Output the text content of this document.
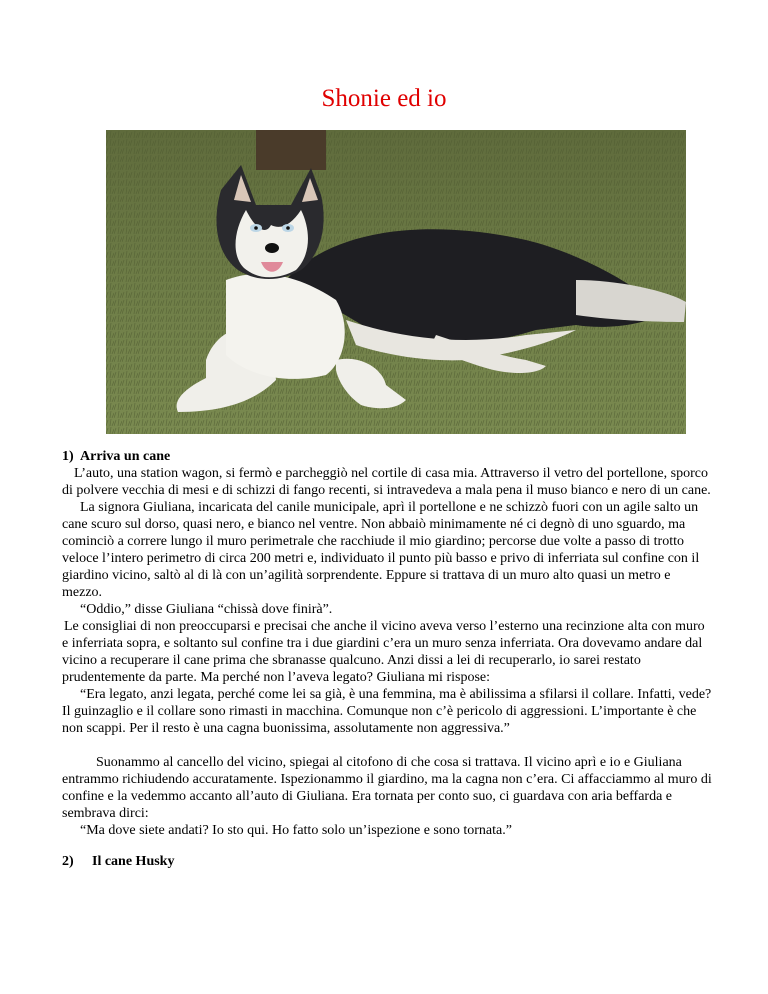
Shonie ed io
1) Arriva un cane

L’auto, una station wagon, si fermò e parcheggiò nel cortile di casa mia. Attraverso il vetro del portellone, sporco di polvere vecchia di mesi e di schizzi di fango recenti, si intravedeva a mala pena il muso bianco e nero di un cane.

La signora Giuliana, incaricata del canile municipale, aprì il portellone e ne schizzò fuori con un agile salto un cane scuro sul dorso, quasi nero, e bianco nel ventre. Non abbaiò minimamente né ci degnò di uno sguardo, ma cominciò a correre lungo il muro perimetrale che racchiude il mio giardino; percorse due volte a passo di trotto veloce l’intero perimetro di circa 200 metri e, individuato il punto più basso e privo di inferriata sul confine con il giardino vicino, saltò al di là con un’agilità sorprendente. Eppure si trattava di un muro alto quasi un metro e mezzo.

“Oddio,” disse Giuliana “chissà dove finirà”.

Le consigliai di non preoccuparsi e precisai che anche il vicino aveva verso l’esterno una recinzione alta con muro e inferriata sopra, e soltanto sul confine tra i due giardini c’era un muro senza inferriata. Ora dovevamo andare dal vicino a recuperare il cane prima che sbranasse qualcuno. Anzi dissi a lei di recuperarlo, io sarei restato prudentemente da parte. Ma perché non l’aveva legato? Giuliana mi rispose:

“Era legato, anzi legata, perché come lei sa già, è una femmina, ma è abilissima a sfilarsi il collare. Infatti, vede? Il guinzaglio e il collare sono rimasti in macchina. Comunque non c’è pericolo di aggressioni. L’importante è che non scappi. Per il resto è una cagna buonissima, assolutamente non aggressiva.”

Suonammo al cancello del vicino, spiegai al citofono di che cosa si trattava. Il vicino aprì e io e Giuliana entrammo richiudendo accuratamente. Ispezionammo il giardino, ma la cagna non c’era. Ci affacciammo al muro di confine e la vedemmo accanto all’auto di Giuliana. Era tornata per conto suo, ci guardava con aria beffarda e sembrava dirci:

“Ma dove siete andati? Io sto qui. Ho fatto solo un’ispezione e sono tornata.”

2) Il cane Husky
